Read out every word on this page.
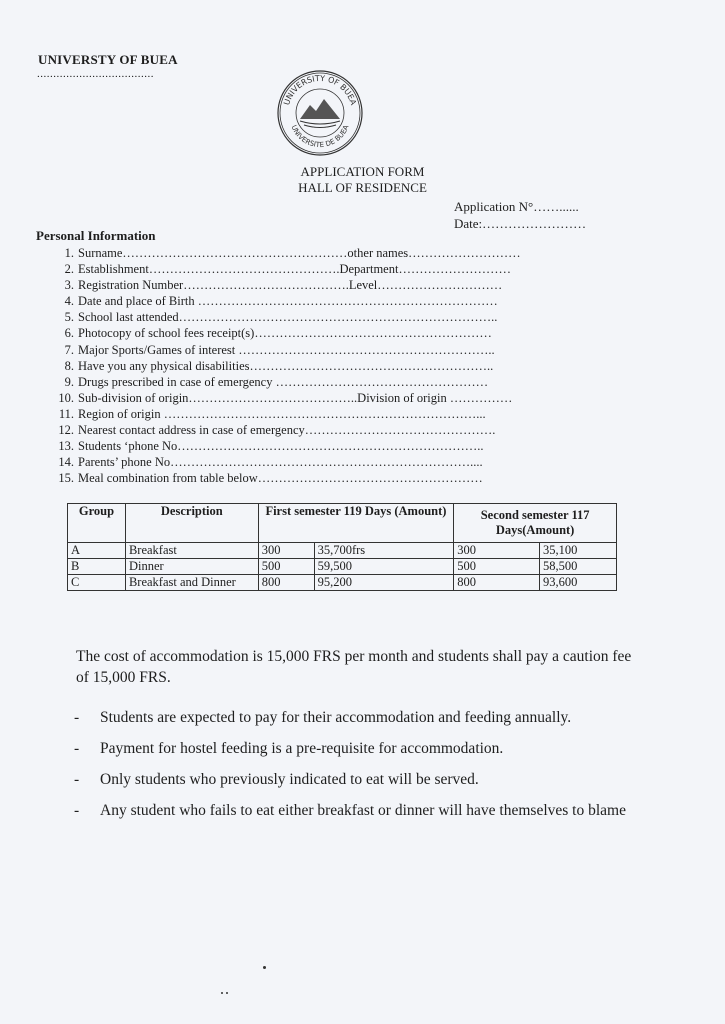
UNIVERSTY OF BUEA
....................................
UNIVERSITY OF BUEA
UNIVERSITE DE BUEA
APPLICATION FORM
HALL OF RESIDENCE
Application N°……......
Date:……………………
Personal Information
1. Surname………………………………………………other names………………………
2. Establishment……………………………………….Department………………………
3. Registration Number………………………………….Level…………………………
4. Date and place of Birth ………………………………………………………………
5. School last attended…………………………………………………………………..
6. Photocopy of school fees receipt(s)…………………………………………………
7. Major Sports/Games of interest ……………………………………………………..
8. Have you any physical disabilities…………………………………………………..
9. Drugs prescribed in case of emergency ……………………………………………
10. Sub-division of origin…………………………………..Division of origin ……………
11. Region of origin …………………………………………………………………...
12. Nearest contact address in case of emergency……………………………………….
13. Students ‘phone No………………………………………………………………..
14. Parents’ phone No………………………………………………………………....
15. Meal combination from table below………………………………………………
Group	Description	First semester 119 Days (Amount)		Second semester 117 Days(Amount)	
A	Breakfast	300	35,700frs	300	35,100
B	Dinner	500	59,500	500	58,500
C	Breakfast and Dinner	800	95,200	800	93,600
The cost of accommodation is 15,000 FRS per month and students shall pay a caution fee of 15,000 FRS.
- Students are expected to pay for their accommodation and feeding annually.
- Payment for hostel feeding is a pre-requisite for accommodation.
- Only students who previously indicated to eat will be served.
- Any student who fails to eat either breakfast or dinner will have themselves to blame
